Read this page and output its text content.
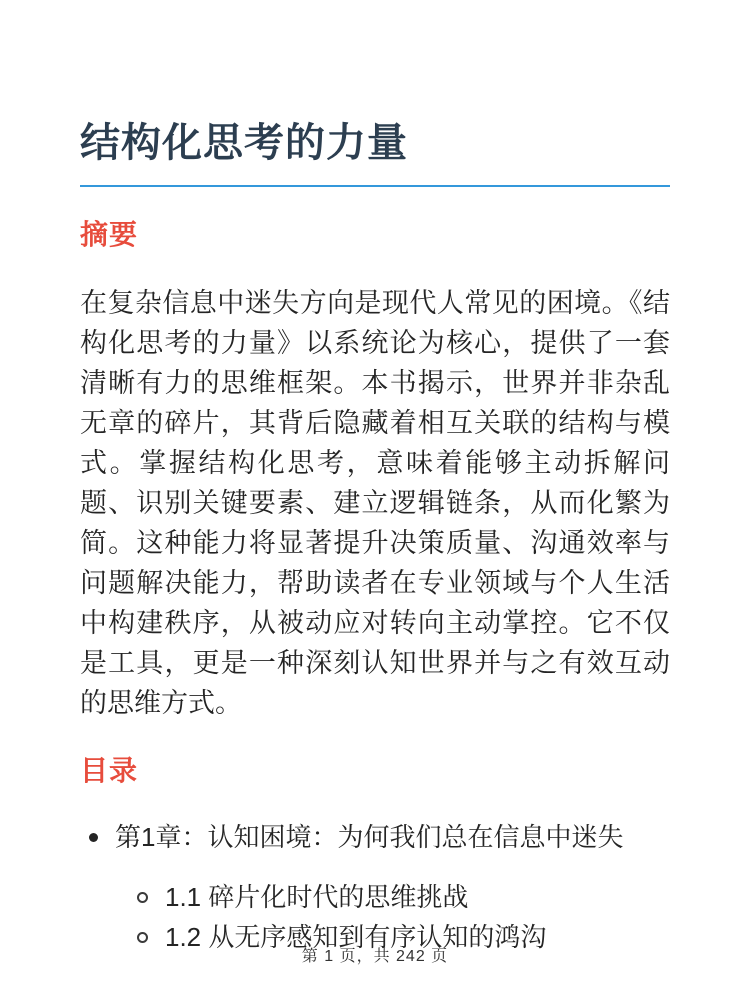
结构化思考的力量
摘要

在复杂信息中迷失方向是现代人常见的困境。《结构化思考的力量》以系统论为核心，提供了一套清晰有力的思维框架。本书揭示，世界并非杂乱无章的碎片，其背后隐藏着相互关联的结构与模式。掌握结构化思考，意味着能够主动拆解问题、识别关键要素、建立逻辑链条，从而化繁为简。这种能力将显著提升决策质量、沟通效率与问题解决能力，帮助读者在专业领域与个人生活中构建秩序，从被动应对转向主动掌控。它不仅是工具，更是一种深刻认知世界并与之有效互动的思维方式。

目录
第1章：认知困境：为何我们总在信息中迷失
1.1 碎片化时代的思维挑战
1.2 从无序感知到有序认知的鸿沟
第 1 页，共 242 页
